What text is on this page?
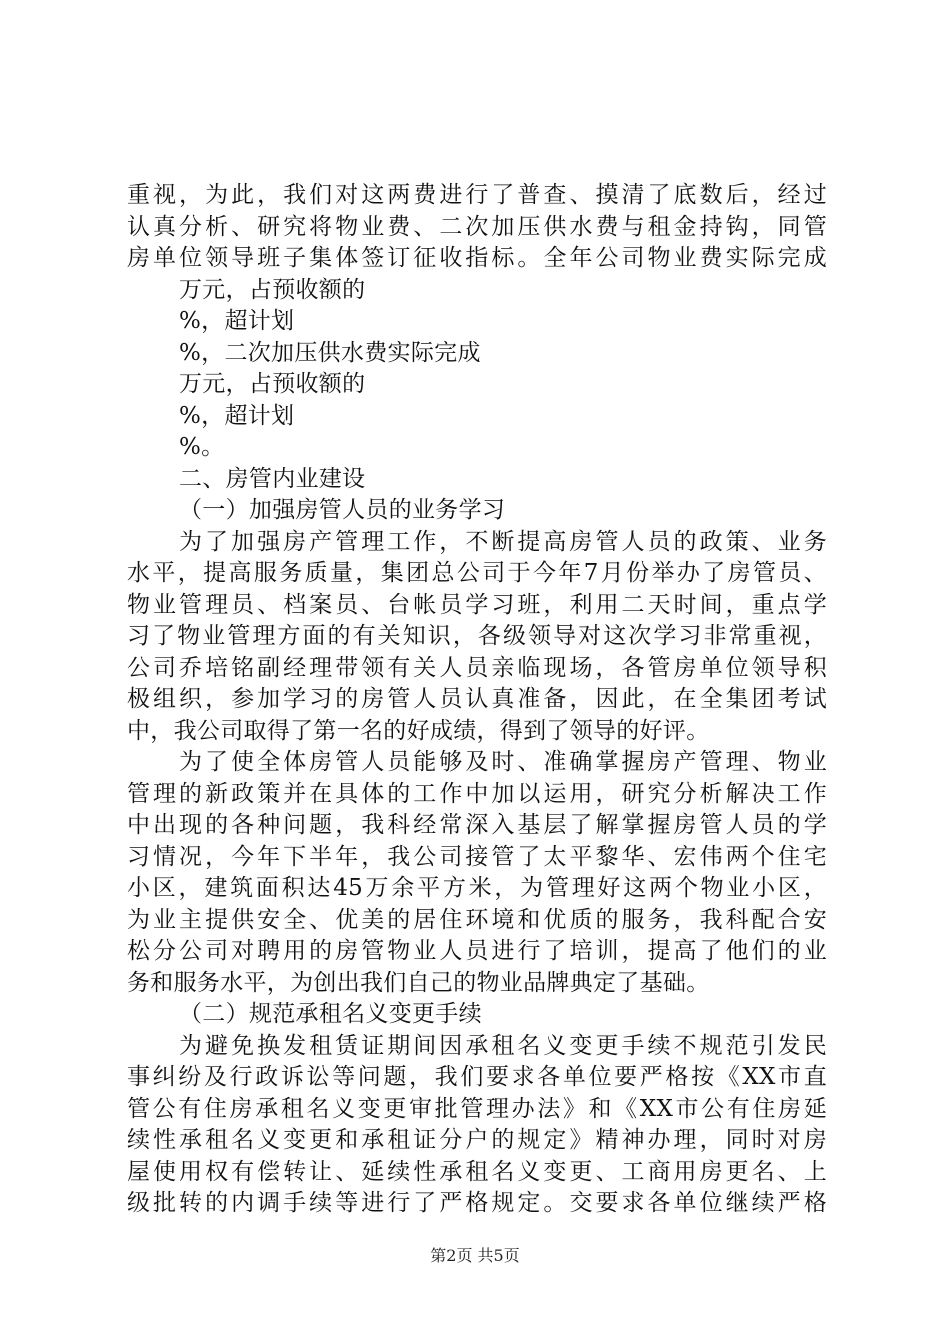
重视，为此，我们对这两费进行了普查、摸清了底数后，经过
认真分析、研究将物业费、二次加压供水费与租金持钩，同管
房单位领导班子集体签订征收指标。全年公司物业费实际完成
万元，占预收额的
%，超计划
%，二次加压供水费实际完成
万元，占预收额的
%，超计划
%。
二、房管内业建设
（一）加强房管人员的业务学习
为了加强房产管理工作，不断提高房管人员的政策、业务
水平，提高服务质量，集团总公司于今年7月份举办了房管员、
物业管理员、档案员、台帐员学习班，利用二天时间，重点学
习了物业管理方面的有关知识，各级领导对这次学习非常重视，
公司乔培铭副经理带领有关人员亲临现场，各管房单位领导积
极组织，参加学习的房管人员认真准备，因此，在全集团考试
中，我公司取得了第一名的好成绩，得到了领导的好评。
为了使全体房管人员能够及时、准确掌握房产管理、物业
管理的新政策并在具体的工作中加以运用，研究分析解决工作
中出现的各种问题，我科经常深入基层了解掌握房管人员的学
习情况，今年下半年，我公司接管了太平黎华、宏伟两个住宅
小区，建筑面积达45万余平方米，为管理好这两个物业小区，
为业主提供安全、优美的居住环境和优质的服务，我科配合安
松分公司对聘用的房管物业人员进行了培训，提高了他们的业
务和服务水平，为创出我们自己的物业品牌典定了基础。
（二）规范承租名义变更手续
为避免换发租赁证期间因承租名义变更手续不规范引发民
事纠纷及行政诉讼等问题，我们要求各单位要严格按《XX市直
管公有住房承租名义变更审批管理办法》和《XX市公有住房延
续性承租名义变更和承租证分户的规定》精神办理，同时对房
屋使用权有偿转让、延续性承租名义变更、工商用房更名、上
级批转的内调手续等进行了严格规定。交要求各单位继续严格
第2页 共5页
